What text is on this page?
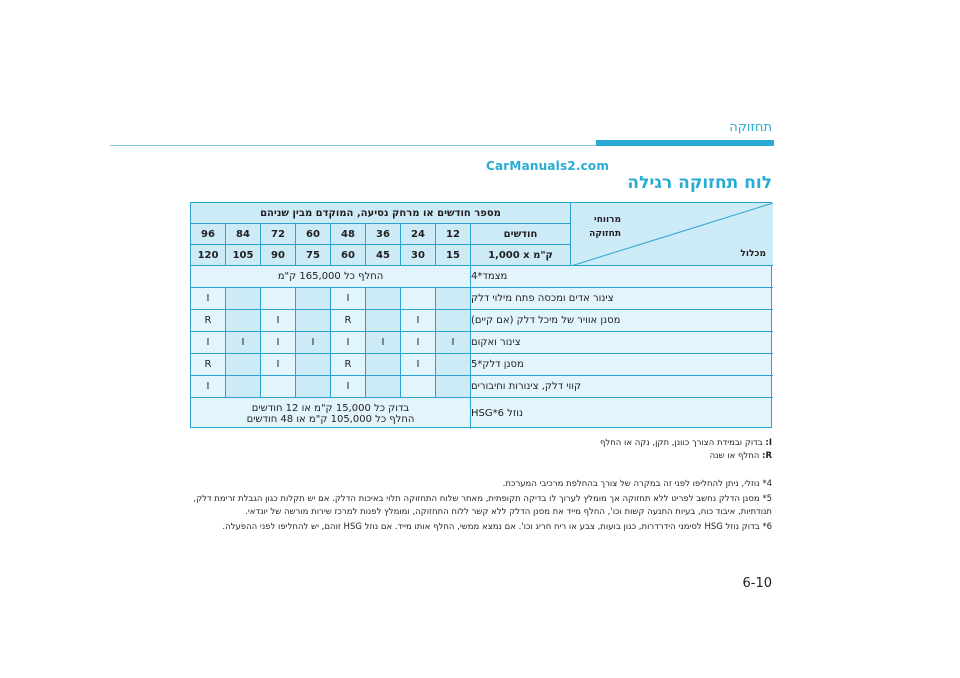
תחזוקה
CarManuals2.com
לוח תחזוקה רגילה
מרווחי
תחזוקה
מכלול
מספר חודשים או מרחק נסיעה, המוקדם מבין שניהם
חודשים
12
24
36
48
60
72
84
96
1,000 x ק"מ
15
30
45
60
75
90
105
120
מצמד*4
החלף כל 165,000 ק"מ
צינור אדים ומכסה פתח מילוי דלק
I
I
מסנן אוויר של מיכל דלק (אם קיים)
I
R
I
R
צינור ואקום
I
I
I
I
I
I
I
I
מסנן דלק*5
I
R
I
R
קווי דלק, צינורות וחיבורים
I
I
נוזל HSG*6
בדוק כל 15,000 ק"מ או 12 חודשים
החלף כל 105,000 ק"מ או 48 חודשים
I: בדוק ובמידת הצורך כוונן, תקן, נקה או החלף
R: החלף או שנה
4* נוזלי, ניתן להחליפו לפני זה במקרה של צורך בהחלפת מרכיבי המערכת.
5* מסנן הדלק נחשב לפריט ללא תחזוקה אך מומלץ לערוך לו בדיקה תקופתית, מאחר שלוח התחזוקה תלוי באיכות הדלק. אם יש תקלות כגון הגבלת זרימת דלק, תנודתיות, איבוד כוח, בעיות התנעה קשות וכו', החלף מייד את מסנן הדלק ללא קשר ללוח התחזוקה, ומומלץ לפנות למרכז שירות מורשה של יונדאי.
6* בדוק נוזל HSG לסימני הידרדרות, כגון בועות, צבע או ריח חריג וכו'. אם נמצא ממשי, החלף אותו מייד. אם נוזל HSG זוהם, יש להחליפו לפני ההפעלה.
6-10
